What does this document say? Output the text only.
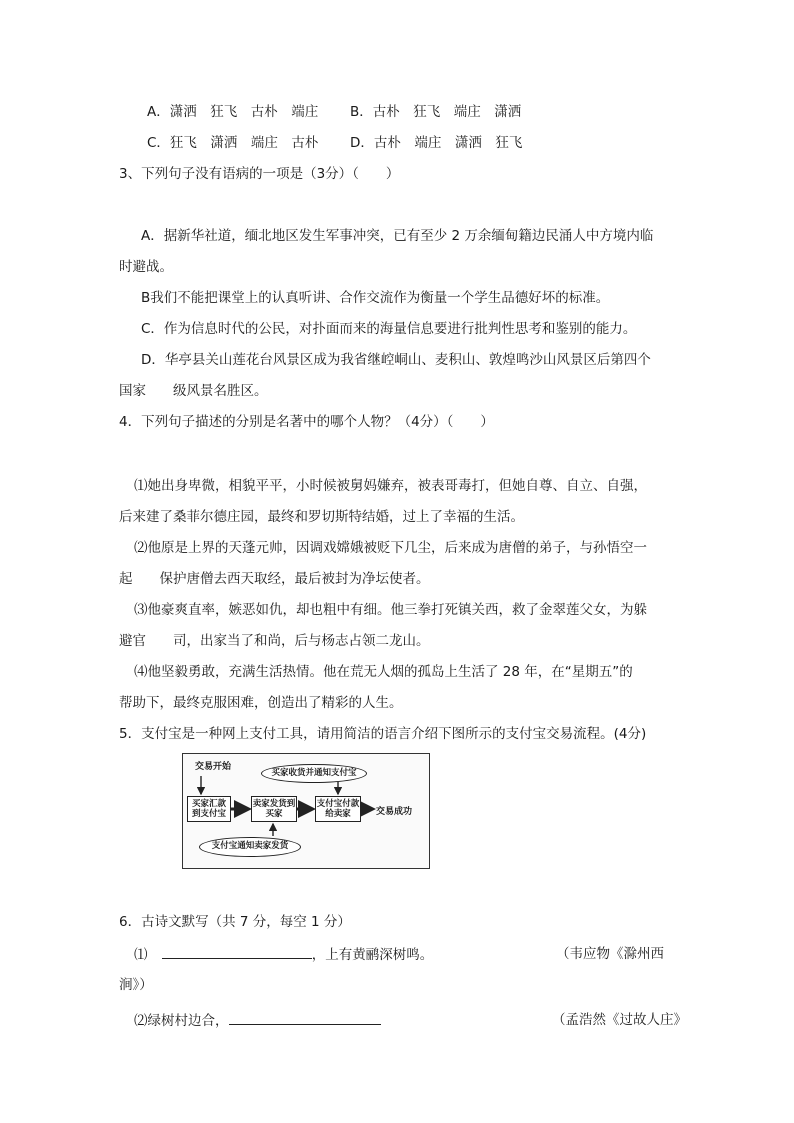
A．潇洒　狂飞　古朴　端庄 B．古朴　狂飞　端庄　潇洒
C．狂飞　潇洒　端庄　古朴 D．古朴　端庄　潇洒　狂飞
3、下列句子没有语病的一项是（3分）（　　）
A．据新华社道，缅北地区发生军事冲突，已有至少 2 万余缅甸籍边民涌人中方境内临
时避战。
B我们不能把课堂上的认真听讲、合作交流作为衡量一个学生品德好坏的标准。
C．作为信息时代的公民，对扑面而来的海量信息要进行批判性思考和鉴别的能力。
D．华亭县关山莲花台风景区成为我省继崆峒山、麦积山、敦煌鸣沙山风景区后第四个
国家　　级风景名胜区。
4．下列句子描述的分别是名著中的哪个人物？（4分）（　　）
⑴她出身卑微，相貌平平，小时候被舅妈嫌弃，被表哥毒打，但她自尊、自立、自强，
后来建了桑菲尔德庄园，最终和罗切斯特结婚，过上了幸福的生活。
⑵他原是上界的天蓬元帅，因调戏嫦娥被贬下几尘，后来成为唐僧的弟子，与孙悟空一
起　　保护唐僧去西天取经，最后被封为净坛使者。
⑶他豪爽直率，嫉恶如仇，却也粗中有细。他三拳打死镇关西，救了金翠莲父女，为躲
避官　　司，出家当了和尚，后与杨志占领二龙山。
⑷他坚毅勇敢，充满生活热情。他在荒无人烟的孤岛上生活了 28 年，在“星期五”的
帮助下，最终克服困难，创造出了精彩的人生。
5．支付宝是一种网上支付工具，请用简洁的语言介绍下图所示的支付宝交易流程。(4分)
交易开始
买家汇款到支付宝
卖家发货到买家
支付宝付款给卖家	交易成功
买家收货并通知支付宝
支付宝通知卖家发货
6．古诗文默写（共 7 分，每空 1 分）
⑴	，上有黄鹂深树鸣。	（韦应物《滁州西
涧》）
⑵绿树村边合，	（孟浩然《过故人庄》
